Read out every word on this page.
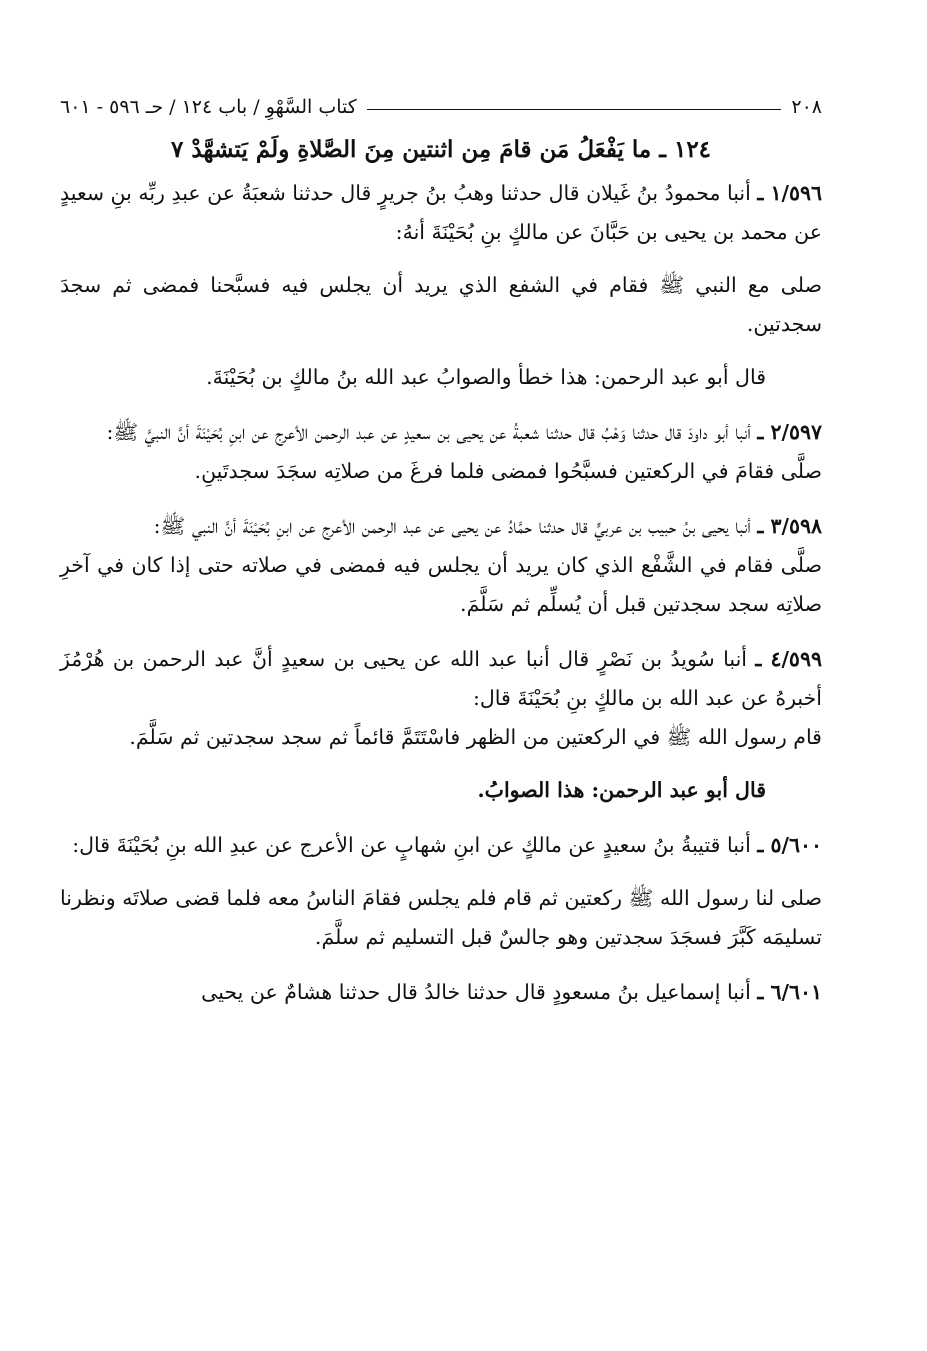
٢٠٨
كتاب السَّهْوِ / باب ١٢٤ / حـ ٥٩٦ - ٦٠١
١٢٤ ـ ما يَفْعَلُ مَن قامَ مِن اثنتين مِنَ الصَّلاةِ ولَمْ يَتشهَّدْ ٧

١/٥٩٦ ـ أنبا محمودُ بنُ غَيلان قال حدثنا وهبُ بنُ جريرٍ قال حدثنا شعبَةُ عن عبدِ ربِّه بنِ سعيدٍ عن محمد بن يحيى بن حَبَّانَ عن مالكٍ بنِ بُحَيْنَةَ أنهُ:

صلى مع النبي ﷺ فقام في الشفع الذي يريد أن يجلس فيه فسبَّحنا فمضى ثم سجدَ سجدتين.

قال أبو عبد الرحمن: هذا خطأ والصوابُ عبد الله بنُ مالكٍ بن بُحَيْنَةَ.

٢/٥٩٧ ـ أنبا أبو داودَ قال حدثنا وَهْبُ قال حدثنا شعبةُ عن يحيى بن سعيدٍ عن عبد الرحمن الأعرج عن ابنِ بُحَيْنَةَ أنَّ النبيَّ ﷺ:

صلَّى فقامَ في الركعتين فسبَّحُوا فمضى فلما فرغَ من صلاتِه سجَدَ سجدتَينِ.

٣/٥٩٨ ـ أنبا يحيى بنُ حبيب بن عربيٍّ قال حدثنا حمَّادُ عن يحيى عن عبد الرحمن الأعرج عن ابنِ بُحَيْنَةَ أنَّ النبي ﷺ:

صلَّى فقام في الشَّفْع الذي كان يريد أن يجلس فيه فمضى في صلاته حتى إذا كان في آخرِ صلاتِه سجد سجدتين قبل أن يُسلِّم ثم سَلَّمَ.

٤/٥٩٩ ـ أنبا سُويدُ بن نَصْرٍ قال أنبا عبد الله عن يحيى بن سعيدٍ أنَّ عبد الرحمن بن هُرْمُزَ أخبرهُ عن عبد الله بن مالكٍ بنِ بُحَيْنَةَ قال:

قام رسول الله ﷺ في الركعتين من الظهر فاسْتَتَمَّ قائماً ثم سجد سجدتين ثم سَلَّمَ.

قال أبو عبد الرحمن: هذا الصوابُ.

٥/٦٠٠ ـ أنبا قتيبةُ بنُ سعيدٍ عن مالكٍ عن ابنِ شهابٍ عن الأعرج عن عبدِ الله بنِ بُحَيْنَةَ قال:

صلى لنا رسول الله ﷺ ركعتين ثم قام فلم يجلس فقامَ الناسُ معه فلما قضى صلاتَه ونظرنا تسليمَه كَبَّرَ فسجَدَ سجدتين وهو جالسٌ قبل التسليم ثم سلَّمَ.

٦/٦٠١ ـ أنبا إسماعيل بنُ مسعودٍ قال حدثنا خالدُ قال حدثنا هشامٌ عن يحيى
